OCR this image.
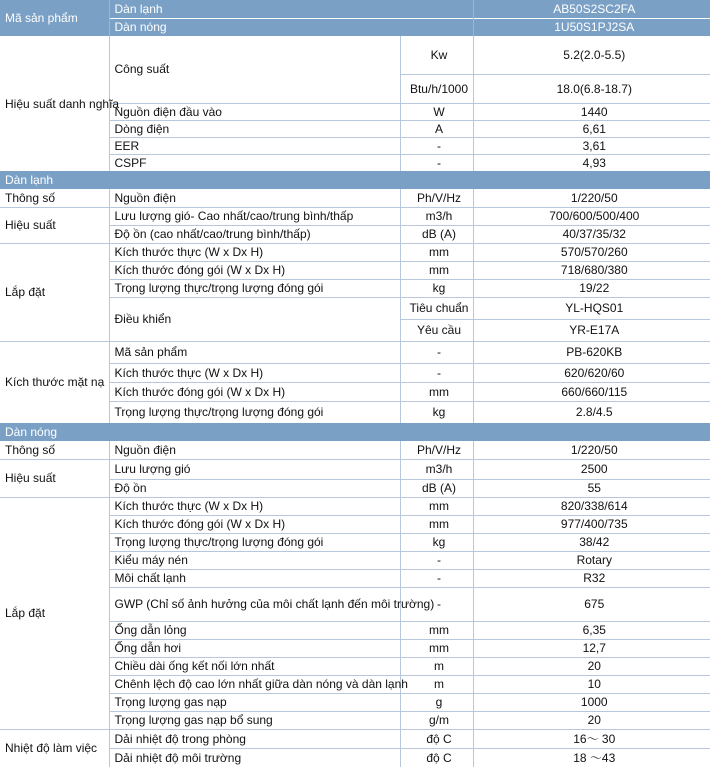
Mã sản phẩm	Dàn lạnh		AB50S2SC2FA
	Dàn nóng		1U50S1PJ2SA
Hiệu suất danh nghĩa	Công suất	Kw	5.2(2.0-5.5)
		Btu/h/1000	18.0(6.8-18.7)
	Nguồn điện đầu vào	W	1440
	Dòng điện	A	6,61
	EER	-	3,61
	CSPF	-	4,93
Dàn lạnh			
Thông số	Nguồn điện	Ph/V/Hz	1/220/50
Hiệu suất	Lưu lượng gió- Cao nhất/cao/trung bình/thấp	m3/h	700/600/500/400
	Độ ồn (cao nhất/cao/trung bình/thấp)	dB (A)	40/37/35/32
Lắp đặt	Kích thước thực (W x Dx H)	mm	570/570/260
	Kích thước đóng gói (W x Dx H)	mm	718/680/380
	Trọng lượng thực/trọng lượng đóng gói	kg	19/22
	Điều khiển	Tiêu chuẩn	YL-HQS01
		Yêu cầu	YR-E17A
Kích thước mặt nạ	Mã sản phẩm	-	PB-620KB
	Kích thước thực (W x Dx H)	-	620/620/60
	Kích thước đóng gói (W x Dx H)	mm	660/660/115
	Trọng lượng thực/trọng lượng đóng gói	kg	2.8/4.5
Dàn nóng			
Thông số	Nguồn điện	Ph/V/Hz	1/220/50
Hiệu suất	Lưu lượng gió	m3/h	2500
	Độ ồn	dB (A)	55
Lắp đặt	Kích thước thực (W x Dx H)	mm	820/338/614
	Kích thước đóng gói (W x Dx H)	mm	977/400/735
	Trọng lượng thực/trọng lượng đóng gói	kg	38/42
	Kiểu máy nén	-	Rotary
	Môi chất lạnh	-	R32
	GWP (Chỉ số ảnh hưởng của môi chất lạnh đến môi trường)	-	675
	Ống dẫn lỏng	mm	6,35
	Ống dẫn hơi	mm	12,7
	Chiều dài ống kết nối lớn nhất	m	20
	Chênh lệch độ cao lớn nhất giữa dàn nóng và dàn lạnh	m	10
	Trọng lượng gas nạp	g	1000
	Trọng lượng gas nạp bổ sung	g/m	20
Nhiệt độ làm việc	Dải nhiệt độ trong phòng	độ C	16～ 30
	Dải nhiệt độ môi trường	độ C	18 ～43
